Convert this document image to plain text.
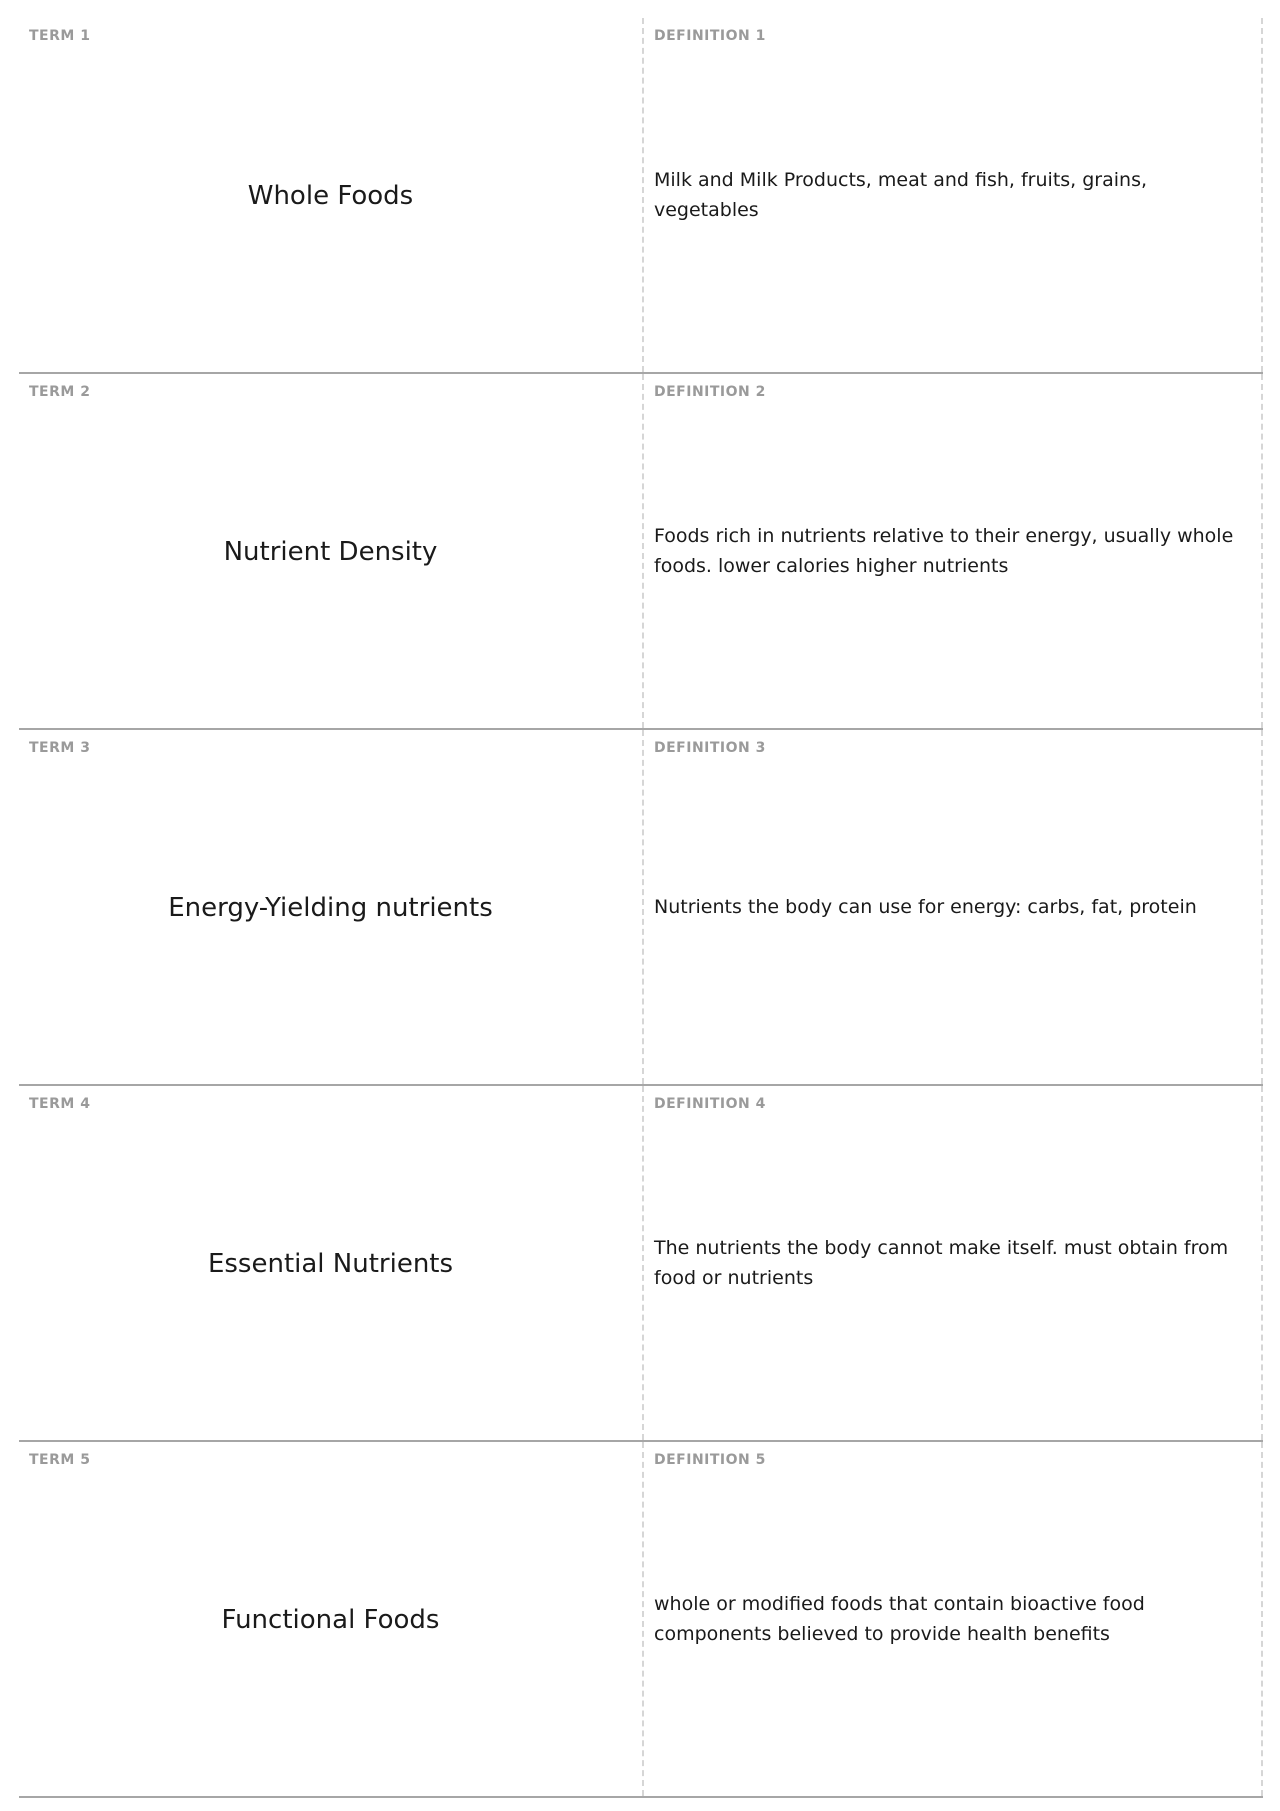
TERM 1
Whole Foods
DEFINITION 1
Milk and Milk Products, meat and fish, fruits, grains, vegetables
TERM 2
Nutrient Density
DEFINITION 2
Foods rich in nutrients relative to their energy, usually whole foods. lower calories higher nutrients
TERM 3
Energy-Yielding nutrients
DEFINITION 3
Nutrients the body can use for energy: carbs, fat, protein
TERM 4
Essential Nutrients
DEFINITION 4
The nutrients the body cannot make itself. must obtain from food or nutrients
TERM 5
Functional Foods
DEFINITION 5
whole or modified foods that contain bioactive food components believed to provide health benefits
